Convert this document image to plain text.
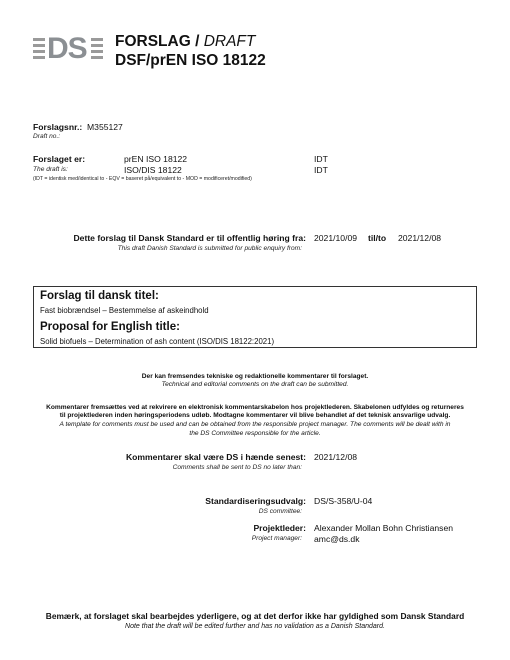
DS FORSLAG / DRAFT
DSF/prEN ISO 18122
Forslagsnr.: M355127
Draft no.:
Forslaget er:
The draft is:
prEN ISO 18122
ISO/DIS 18122
IDT
IDT
(IDT = identisk med/identical to - EQV = baseret på/equivalent to - MOD = modificeret/modified)
Dette forslag til Dansk Standard er til offentlig høring fra:
This draft Danish Standard is submitted for public enquiry from:
2021/10/09 til/to 2021/12/08
Forslag til dansk titel:
Fast biobrændsel – Bestemmelse af askeindhold
Proposal for English title:
Solid biofuels – Determination of ash content (ISO/DIS 18122:2021)
Der kan fremsendes tekniske og redaktionelle kommentarer til forslaget.
Technical and editorial comments on the draft can be submitted.
Kommentarer fremsættes ved at rekvirere en elektronisk kommentarskabelon hos projektlederen. Skabelonen udfyldes og returneres
til projektlederen inden høringsperiodens udløb. Modtagne kommentarer vil blive behandlet af det teknisk ansvarlige udvalg.
A template for comments must be used and can be obtained from the responsible project manager. The comments will be dealt with in
the DS Committee responsible for the article.
Kommentarer skal være DS i hænde senest:
Comments shall be sent to DS no later than:
2021/12/08
Standardiseringsudvalg:
DS committee:
DS/S-358/U-04
Projektleder:
Project manager:
Alexander Mollan Bohn Christiansen
amc@ds.dk
Bemærk, at forslaget skal bearbejdes yderligere, og at det derfor ikke har gyldighed som Dansk Standard
Note that the draft will be edited further and has no validation as a Danish Standard.
